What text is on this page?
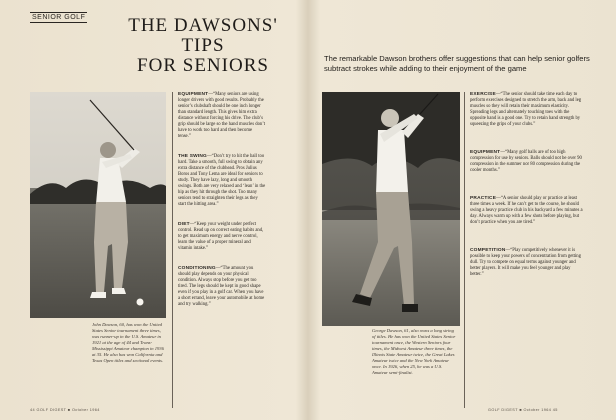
SENIOR GOLF	THE DAWSONS'
TIPS
FOR SENIORS
John Dawson, 60, has won the United States Senior tournament three times, was runner-up in the U.S. Amateur in 1921 at the age of 44 and Trans-Mississippi Amateur champion in 1936 at 35. He also has won California and Texas Open titles and sectional events.
EQUIPMENT—“Many seniors are using longer drivers with good results. Probably the senior’s clubshaft should be one inch longer than standard length. This gives him extra distance without forcing his drive. The club’s grip should be large so the hand muscles don’t have to work too hard and then become tense.”
THE SWING—“Don’t try to hit the ball too hard. Take a smooth, full swing to obtain any extra distance of the clubhead. Pros Julius Boros and Tony Lema are ideal for seniors to study. They have lazy, long and smooth swings. Both are very relaxed and ‘lean’ in the hip as they hit through the shot. Too many seniors tend to straighten their legs as they start the hitting area.”
DIET—“Keep your weight under perfect control. Read up on correct eating habits and, to get maximum energy and nerve control, learn the value of a proper mineral and vitamin intake.”
CONDITIONING—“The amount you should play depends on your physical condition. Always stop before you get too tired. The legs should be kept in good shape even if you play in a golf car. When you have a short errand, leave your automobile at home and try walking.”
44 GOLF DIGEST ■ October 1964
The remarkable Dawson brothers offer suggestions that can help senior golfers subtract strokes while adding to their enjoyment of the game
George Dawson, 61, also owns a long string of titles. He has won the United States Senior tournament once, the Western Seniors four times, the Midwest Amateur three times, the Illinois State Amateur twice, the Great Lakes Amateur twice and the New York Amateur once. In 1926, when 25, he was a U.S. Amateur semi-finalist.
EXERCISE—“The senior should take time each day to perform exercises designed to stretch the arm, back and leg muscles so they will retain their maximum elasticity. Spreading legs and alternately touching toes with the opposite hand is a good one. Try to retain hand strength by squeezing the grips of your clubs.”
EQUIPMENT—“Many golf balls are of too high compression for use by seniors. Balls should not be over 90 compression in the summer nor 80 compression during the cooler months.”
PRACTICE—“A senior should play or practice at least three times a week. If he can’t get to the course, he should swing a heavy practice club in his backyard a few minutes a day. Always warm up with a few shots before playing, but don’t practice when you are tired.”
COMPETITION—“Play competitively whenever it is possible to keep your powers of concentration from getting dull. Try to compete on equal terms against younger and better players. It will make you feel younger and play better.”
GOLF DIGEST ■ October 1964 45
